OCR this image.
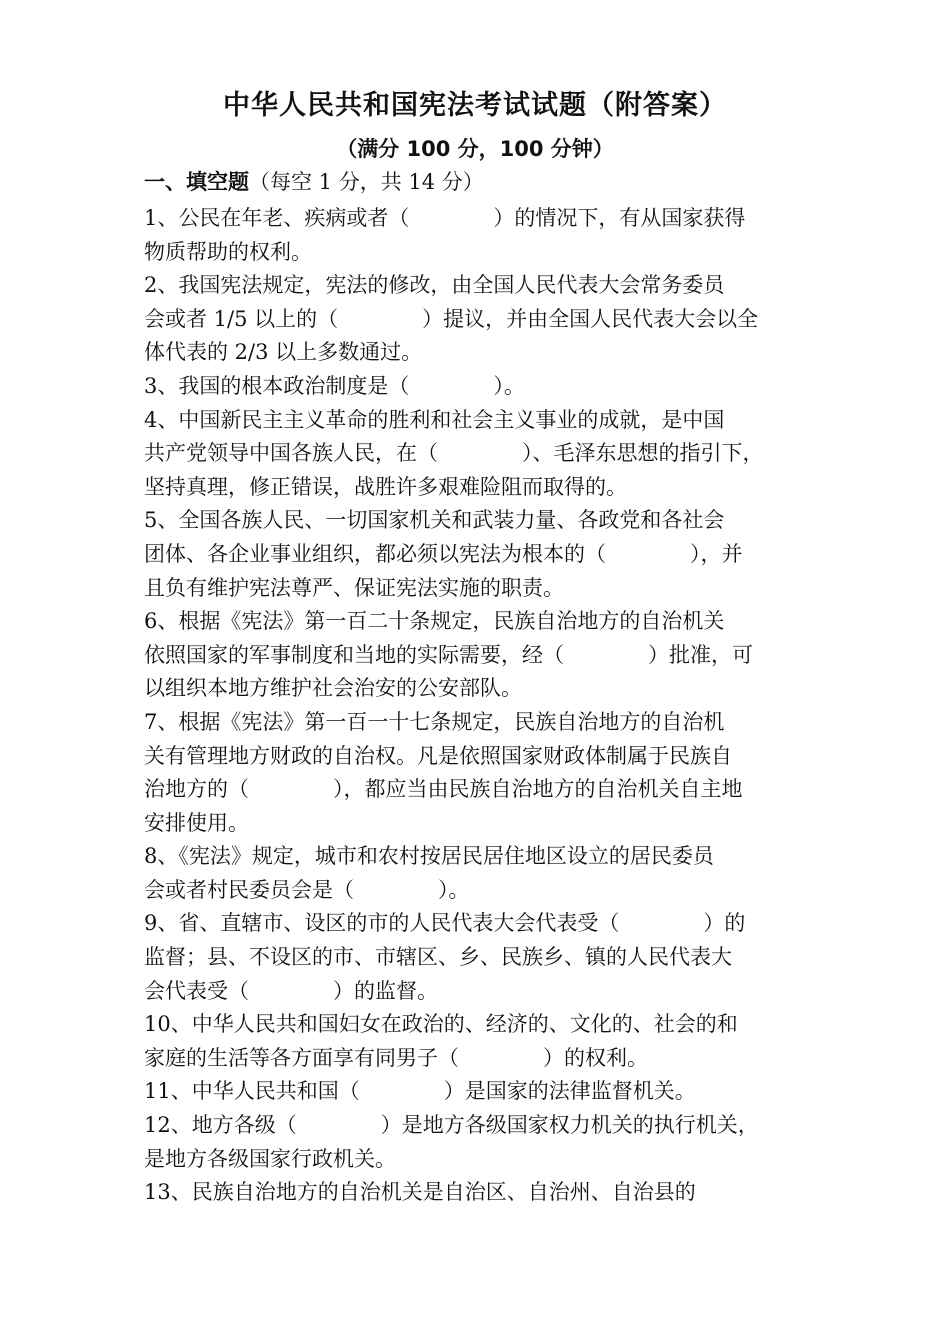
中华人民共和国宪法考试试题（附答案）
（满分 100 分，100 分钟）
一、填空题（每空 1 分，共 14 分）
1、公民在年老、疾病或者（　　　　）的情况下，有从国家获得
物质帮助的权利。
2、我国宪法规定，宪法的修改，由全国人民代表大会常务委员
会或者 1/5 以上的（　　　　）提议，并由全国人民代表大会以全
体代表的 2/3 以上多数通过。
3、我国的根本政治制度是（　　　　）。
4、中国新民主主义革命的胜利和社会主义事业的成就，是中国
共产党领导中国各族人民，在（　　　　）、毛泽东思想的指引下，
坚持真理，修正错误，战胜许多艰难险阻而取得的。
5、全国各族人民、一切国家机关和武装力量、各政党和各社会
团体、各企业事业组织，都必须以宪法为根本的（　　　　），并
且负有维护宪法尊严、保证宪法实施的职责。
6、根据《宪法》第一百二十条规定，民族自治地方的自治机关
依照国家的军事制度和当地的实际需要，经（　　　　）批准，可
以组织本地方维护社会治安的公安部队。
7、根据《宪法》第一百一十七条规定，民族自治地方的自治机
关有管理地方财政的自治权。凡是依照国家财政体制属于民族自
治地方的（　　　　），都应当由民族自治地方的自治机关自主地
安排使用。
8、《宪法》规定，城市和农村按居民居住地区设立的居民委员
会或者村民委员会是（　　　　）。
9、省、直辖市、设区的市的人民代表大会代表受（　　　　）的
监督；县、不设区的市、市辖区、乡、民族乡、镇的人民代表大
会代表受（　　　　）的监督。
10、中华人民共和国妇女在政治的、经济的、文化的、社会的和
家庭的生活等各方面享有同男子（　　　　）的权利。
11、中华人民共和国（　　　　）是国家的法律监督机关。
12、地方各级（　　　　）是地方各级国家权力机关的执行机关，
是地方各级国家行政机关。
13、民族自治地方的自治机关是自治区、自治州、自治县的
